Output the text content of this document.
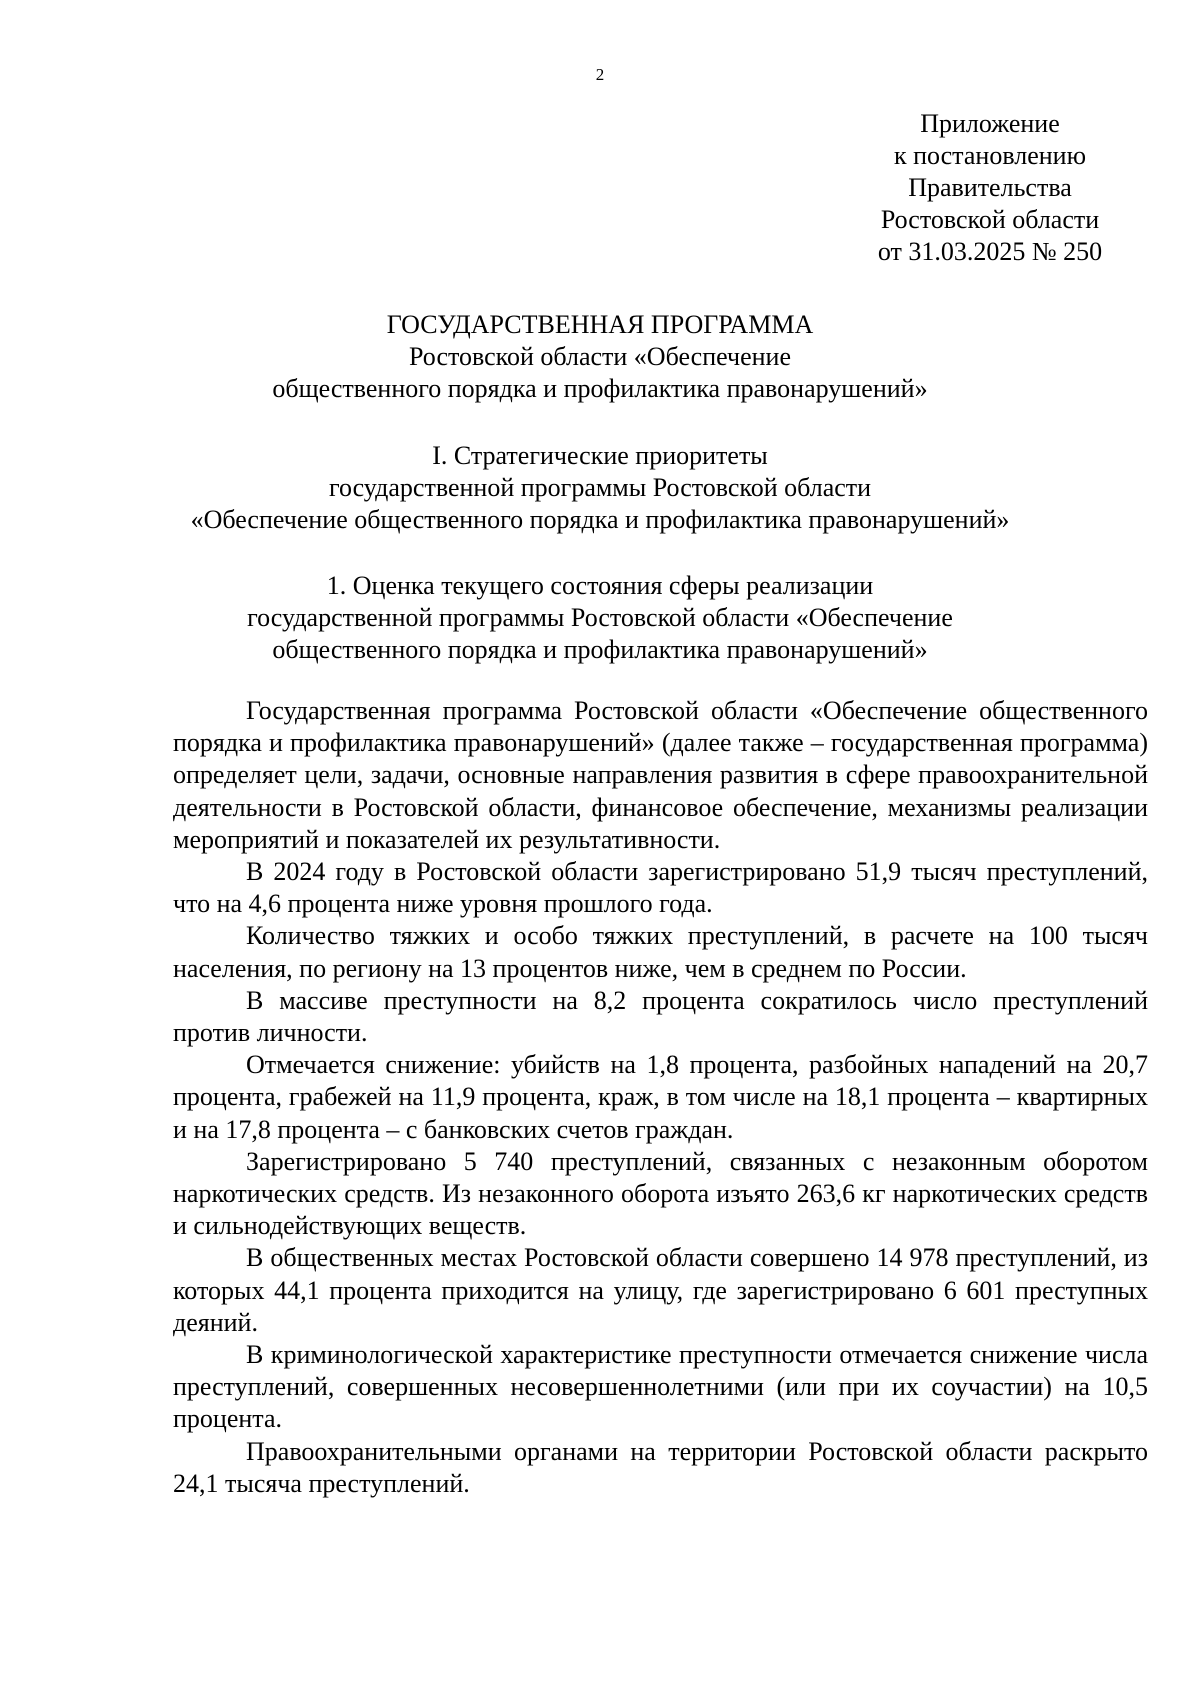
2
Приложение
к постановлению
Правительства
Ростовской области
от 31.03.2025 № 250
ГОСУДАРСТВЕННАЯ ПРОГРАММА
Ростовской области «Обеспечение
общественного порядка и профилактика правонарушений»
I. Стратегические приоритеты
государственной программы Ростовской области
«Обеспечение общественного порядка и профилактика правонарушений»
1. Оценка текущего состояния сферы реализации
государственной программы Ростовской области «Обеспечение
общественного порядка и профилактика правонарушений»

Государственная программа Ростовской области «Обеспечение общественного порядка и профилактика правонарушений» (далее также – государственная программа) определяет цели, задачи, основные направления развития в сфере правоохранительной деятельности в Ростовской области, финансовое обеспечение, механизмы реализации мероприятий и показателей их результативности.

В 2024 году в Ростовской области зарегистрировано 51,9 тысяч преступлений, что на 4,6 процента ниже уровня прошлого года.

Количество тяжких и особо тяжких преступлений, в расчете на 100 тысяч населения, по региону на 13 процентов ниже, чем в среднем по России.

В массиве преступности на 8,2 процента сократилось число преступлений против личности.

Отмечается снижение: убийств на 1,8 процента, разбойных нападений на 20,7 процента, грабежей на 11,9 процента, краж, в том числе на 18,1 процента – квартирных и на 17,8 процента – с банковских счетов граждан.

Зарегистрировано 5 740 преступлений, связанных с незаконным оборотом наркотических средств. Из незаконного оборота изъято 263,6 кг наркотических средств и сильнодействующих веществ.

В общественных местах Ростовской области совершено 14 978 преступлений, из которых 44,1 процента приходится на улицу, где зарегистрировано 6 601 преступных деяний.

В криминологической характеристике преступности отмечается снижение числа преступлений, совершенных несовершеннолетними (или при их соучастии) на 10,5 процента.

Правоохранительными органами на территории Ростовской области раскрыто 24,1 тысяча преступлений.
